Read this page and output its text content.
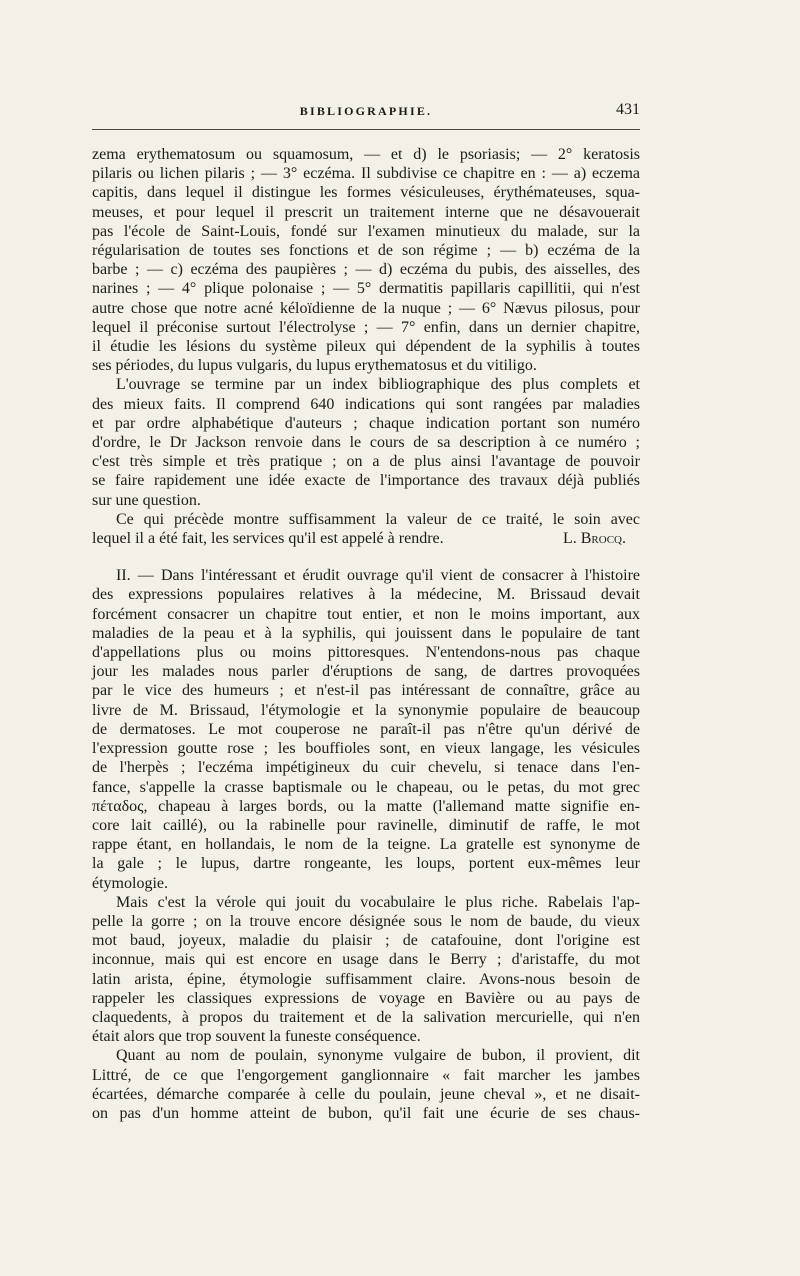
BIBLIOGRAPHIE.	431

zema erythematosum ou squamosum, — et d) le psoriasis; — 2° keratosis

pilaris ou lichen pilaris ; — 3° eczéma. Il subdivise ce chapitre en : — a) eczema

capitis, dans lequel il distingue les formes vésiculeuses, érythémateuses, squa-

meuses, et pour lequel il prescrit un traitement interne que ne désavouerait

pas l'école de Saint-Louis, fondé sur l'examen minutieux du malade, sur la

régularisation de toutes ses fonctions et de son régime ; — b) eczéma de la

barbe ; — c) eczéma des paupières ; — d) eczéma du pubis, des aisselles, des

narines ; — 4° plique polonaise ; — 5° dermatitis papillaris capillitii, qui n'est

autre chose que notre acné kéloïdienne de la nuque ; — 6° Nævus pilosus, pour

lequel il préconise surtout l'électrolyse ; — 7° enfin, dans un dernier chapitre,

il étudie les lésions du système pileux qui dépendent de la syphilis à toutes

ses périodes, du lupus vulgaris, du lupus erythematosus et du vitiligo.

L'ouvrage se termine par un index bibliographique des plus complets et

des mieux faits. Il comprend 640 indications qui sont rangées par maladies

et par ordre alphabétique d'auteurs ; chaque indication portant son numéro

d'ordre, le Dr Jackson renvoie dans le cours de sa description à ce numéro ;

c'est très simple et très pratique ; on a de plus ainsi l'avantage de pouvoir

se faire rapidement une idée exacte de l'importance des travaux déjà publiés

sur une question.

Ce qui précède montre suffisamment la valeur de ce traité, le soin avec

lequel il a été fait, les services qu'il est appelé à rendre.	L. Brocq.

II. — Dans l'intéressant et érudit ouvrage qu'il vient de consacrer à l'histoire

des expressions populaires relatives à la médecine, M. Brissaud devait

forcément consacrer un chapitre tout entier, et non le moins important, aux

maladies de la peau et à la syphilis, qui jouissent dans le populaire de tant

d'appellations plus ou moins pittoresques. N'entendons-nous pas chaque

jour les malades nous parler d'éruptions de sang, de dartres provoquées

par le vice des humeurs ; et n'est-il pas intéressant de connaître, grâce au

livre de M. Brissaud, l'étymologie et la synonymie populaire de beaucoup

de dermatoses. Le mot couperose ne paraît-il pas n'être qu'un dérivé de

l'expression goutte rose ; les bouffioles sont, en vieux langage, les vésicules

de l'herpès ; l'eczéma impétigineux du cuir chevelu, si tenace dans l'en-

fance, s'appelle la crasse baptismale ou le chapeau, ou le petas, du mot grec

πέταδος, chapeau à larges bords, ou la matte (l'allemand matte signifie en-

core lait caillé), ou la rabinelle pour ravinelle, diminutif de raffe, le mot

rappe étant, en hollandais, le nom de la teigne. La gratelle est synonyme de

la gale ; le lupus, dartre rongeante, les loups, portent eux-mêmes leur

étymologie.

Mais c'est la vérole qui jouit du vocabulaire le plus riche. Rabelais l'ap-

pelle la gorre ; on la trouve encore désignée sous le nom de baude, du vieux

mot baud, joyeux, maladie du plaisir ; de catafouine, dont l'origine est

inconnue, mais qui est encore en usage dans le Berry ; d'aristaffe, du mot

latin arista, épine, étymologie suffisamment claire. Avons-nous besoin de

rappeler les classiques expressions de voyage en Bavière ou au pays de

claquedents, à propos du traitement et de la salivation mercurielle, qui n'en

était alors que trop souvent la funeste conséquence.

Quant au nom de poulain, synonyme vulgaire de bubon, il provient, dit

Littré, de ce que l'engorgement ganglionnaire « fait marcher les jambes

écartées, démarche comparée à celle du poulain, jeune cheval », et ne disait-

on pas d'un homme atteint de bubon, qu'il fait une écurie de ses chaus-
